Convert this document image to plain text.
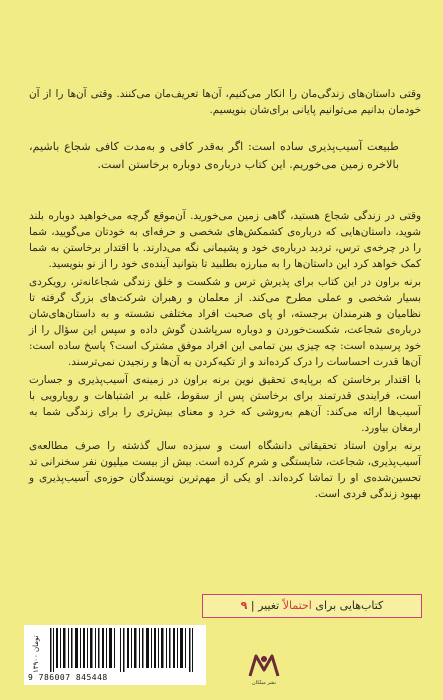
وقتی داستان‌های زندگی‌مان را انکار می‌کنیم، آن‌ها تعریف‌مان می‌کنند. وقتی آن‌ها را از آن خودمان بدانیم می‌توانیم پایانی برای‌شان بنویسیم.

طبیعت آسیب‌پذیری ساده است: اگر به‌قدر کافی و به‌مدت کافی شجاع باشیم، بالاخره زمین می‌خوریم. این کتاب درباره‌ی دوباره برخاستن است.

وقتی در زندگی شجاع هستید، گاهی زمین می‌خورید. آن‌موقع گرچه می‌خواهید دوباره بلند شوید، داستان‌هایی که درباره‌ی کشمکش‌های شخصی و حرفه‌ای به خودتان می‌گویید، شما را در چرخه‌ی ترس، تردید درباره‌ی خود و پشیمانی نگه می‌دارند. با اقتدار برخاستن به شما کمک خواهد کرد این داستان‌ها را به مبارزه بطلبید تا بتوانید آینده‌ی خود را از نو بنویسید.

برنه براون در این کتاب برای پذیرش ترس و شکست و خلق زندگی شجاعانه‌تر، رویکردی بسیار شخصی و عملی مطرح می‌کند. از معلمان و رهبران شرکت‌های بزرگ گرفته تا نظامیان و هنرمندان برجسته، او پای صحبت افراد مختلفی نشسته و به داستان‌های‌شان درباره‌ی شجاعت، شکست‌خوردن و دوباره سرپاشدن گوش داده و سپس این سؤال را از خود پرسیده است: چه چیزی بین تمامی این افراد موفق مشترک است؟ پاسخ ساده است: آن‌ها قدرت احساسات را درک کرده‌اند و از تکیه‌کردن به آن‌ها و رنجیدن نمی‌ترسند.

با اقتدار برخاستن که بر‌پایه‌ی تحقیق نوین برنه براون در زمینه‌ی آسیب‌پذیری و جسارت است، فرایندی قدرتمند برای برخاستن پس از سقوط، غلبه بر اشتباهات و رویارویی با آسیب‌ها ارائه می‌کند: آن‌هم به‌روشی که خرد و معنای بیش‌تری را برای زندگی شما به ارمغان بیاورد.

برنه براون استاد تحقیقاتی دانشگاه است و سیزده سال گذشته را صرف مطالعه‌ی آسیب‌پذیری، شجاعت، شایستگی و شرم کرده است. بیش از بیست میلیون نفر سخنرانی تد تحسین‌شده‌ی او را تماشا کرده‌اند. او یکی از مهم‌ترین نویسندگان حوزه‌ی آسیب‌پذیری و بهبود زندگی فردی است.

کتاب‌هایی برای احتمالاً تغییر | ۹
۱۳۹۰۰ تومان
9 786007 845448
نشر میلکان
